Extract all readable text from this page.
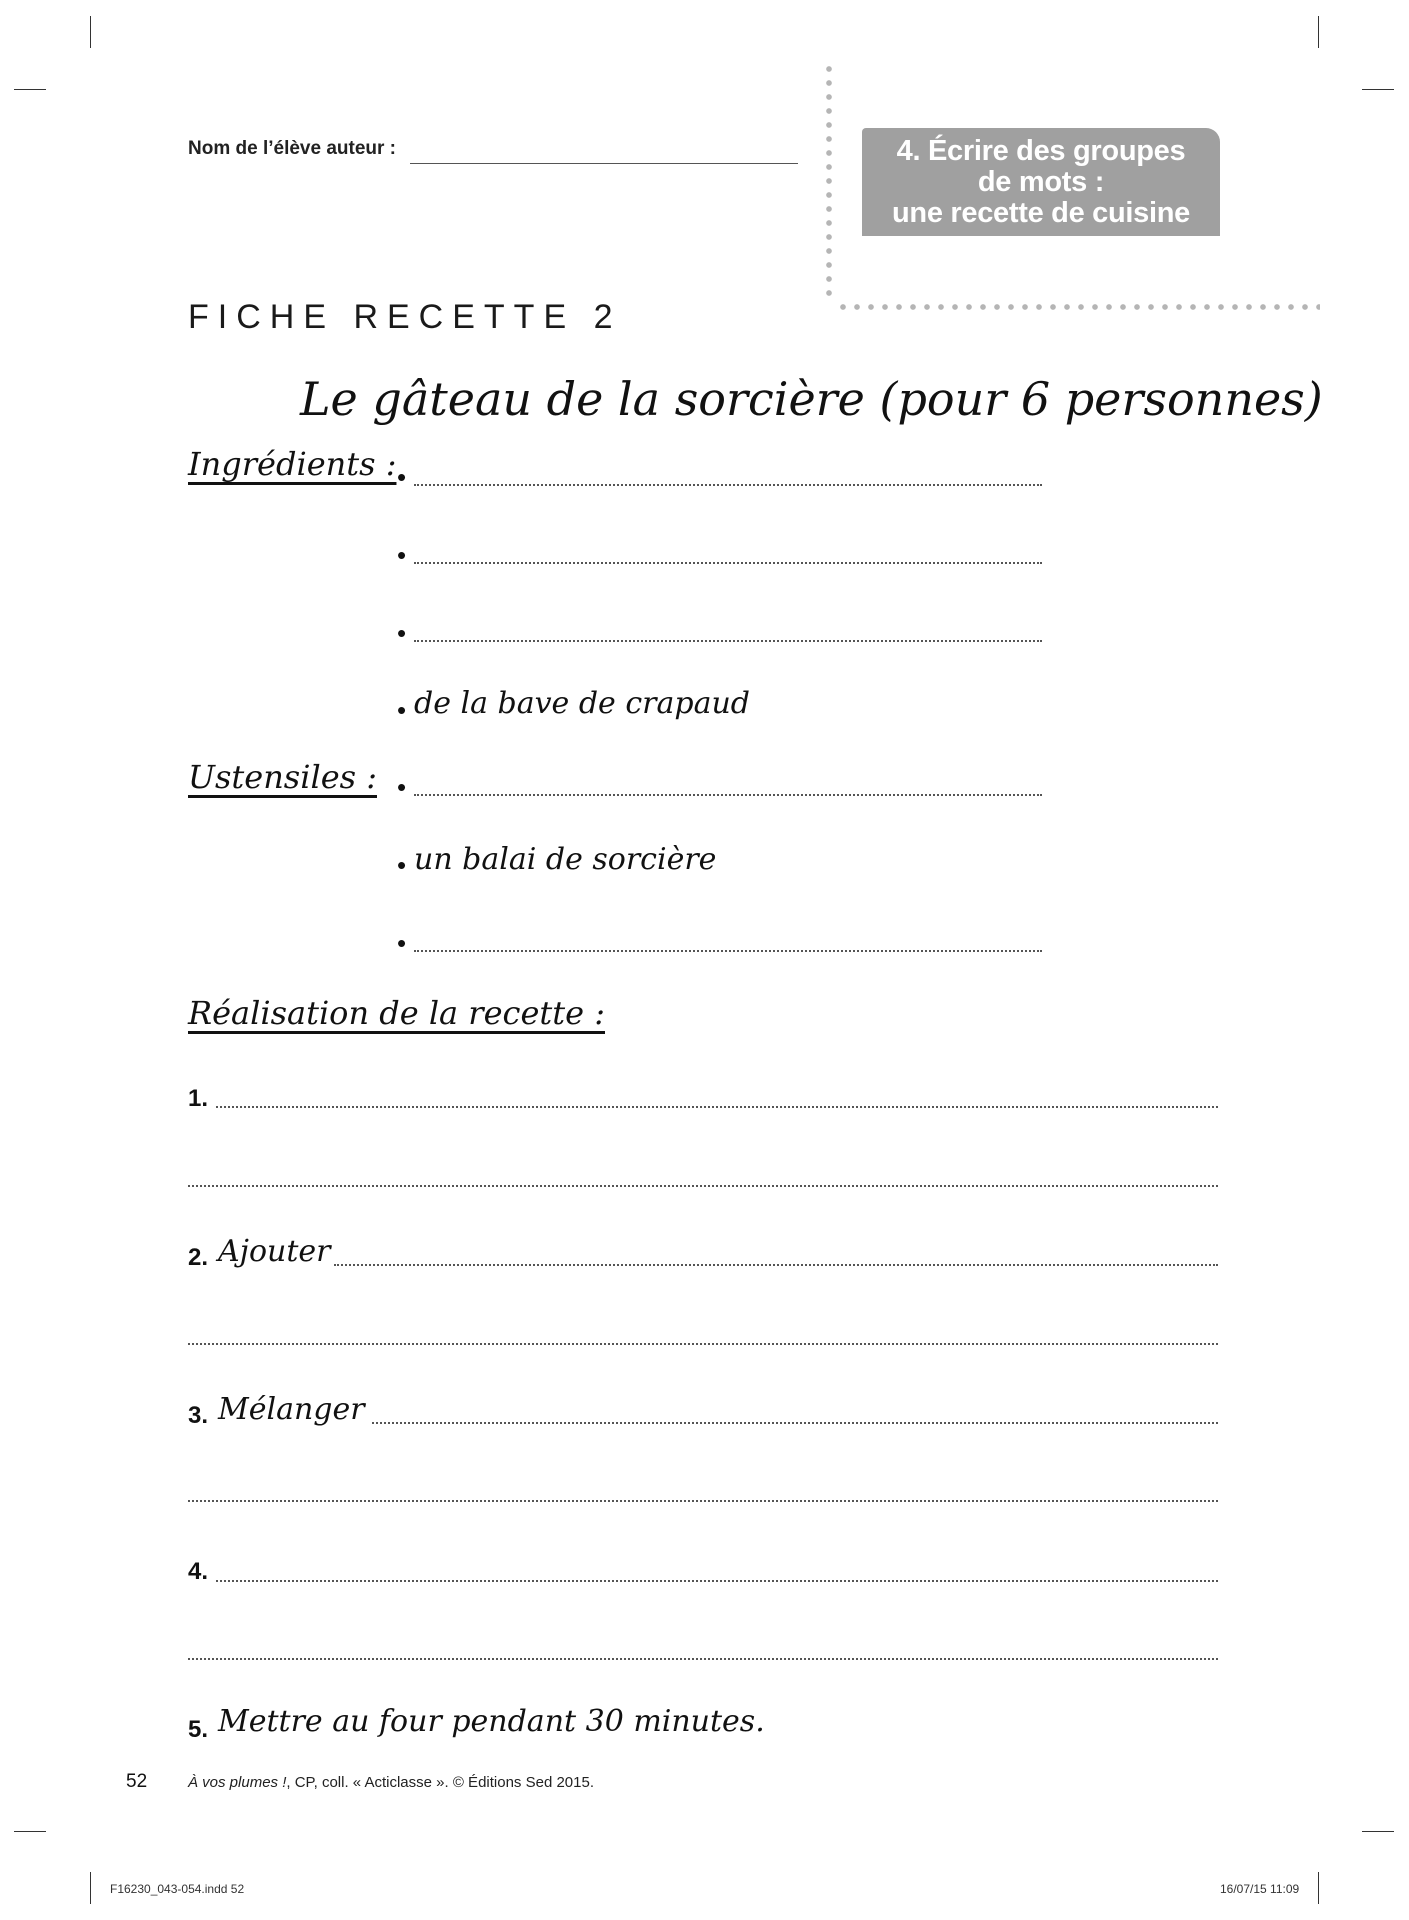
Nom de l’élève auteur :	4. Écrire des groupes
de mots :
une recette de cuisine
FICHE RECETTE 2
Le gâteau de la sorcière (pour 6 personnes)
Ingrédients : •
•
•
• de la bave de crapaud
Ustensiles : •
• un balai de sorcière
•
Réalisation de la recette :
1.
2. Ajouter
3. Mélanger
4.
5. Mettre au four pendant 30 minutes.
52	À vos plumes !, CP, coll. « Acticlasse ». © Éditions Sed 2015.
F16230_043-054.indd 52	16/07/15 11:09
